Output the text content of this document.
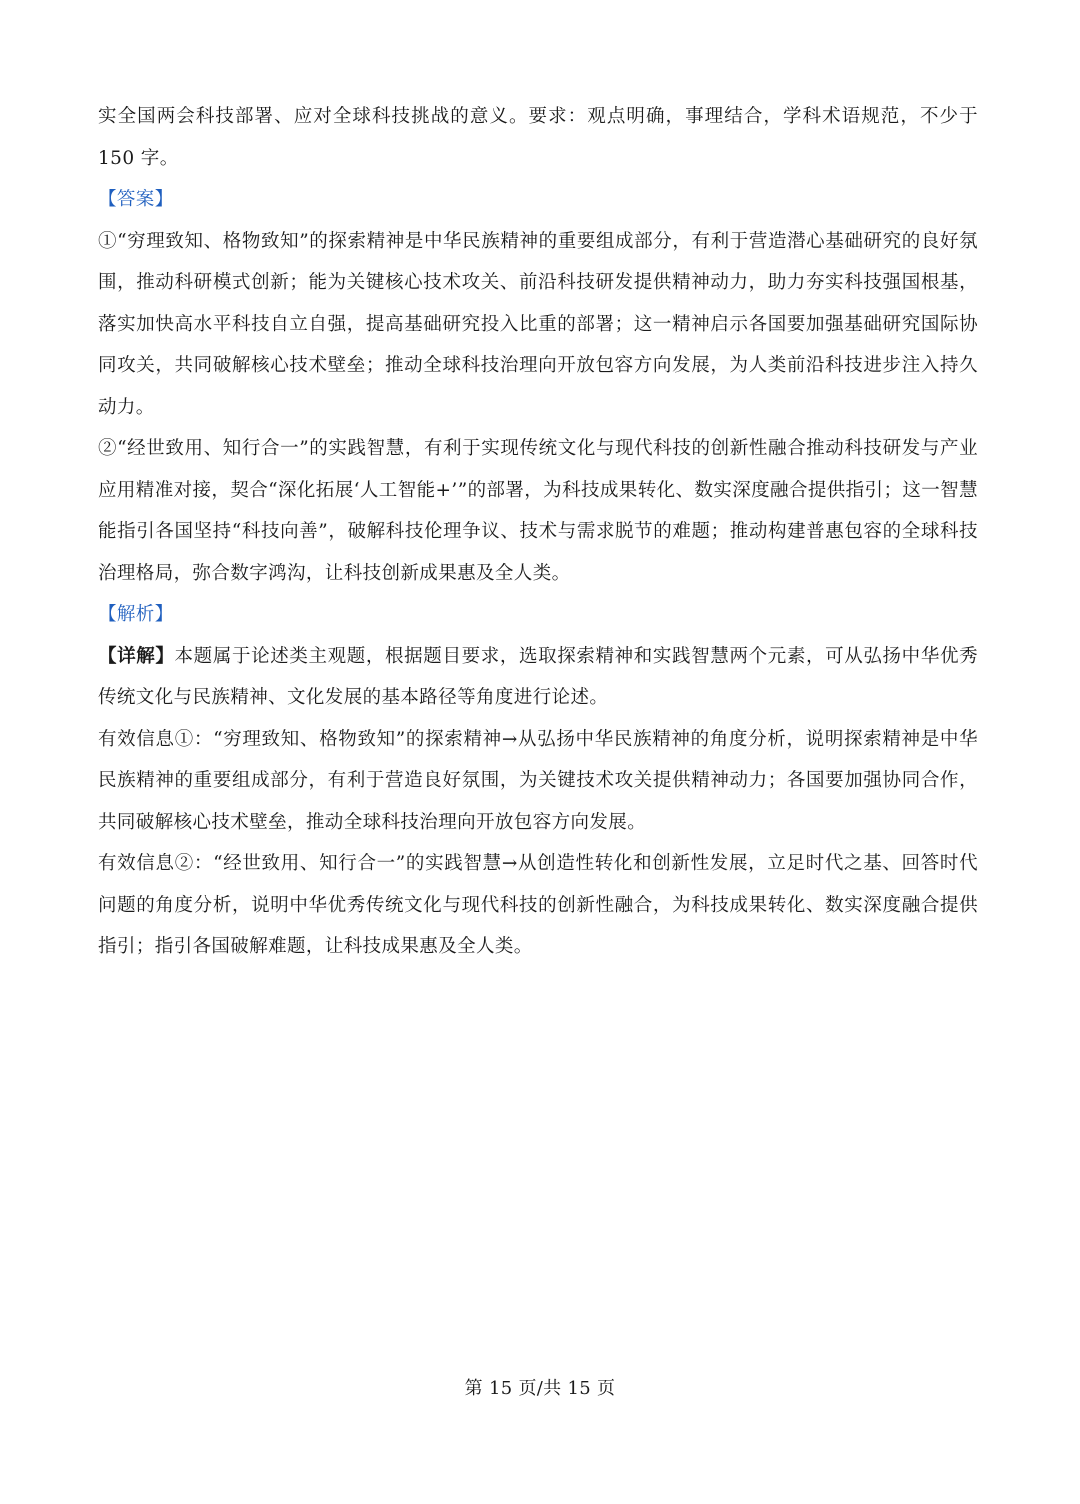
实全国两会科技部署、应对全球科技挑战的意义。要求：观点明确，事理结合，学科术语规范，不少于 150 字。

【答案】

①“穷理致知、格物致知”的探索精神是中华民族精神的重要组成部分，有利于营造潜心基础研究的良好氛围，推动科研模式创新；能为关键核心技术攻关、前沿科技研发提供精神动力，助力夯实科技强国根基，落实加快高水平科技自立自强，提高基础研究投入比重的部署；这一精神启示各国要加强基础研究国际协同攻关，共同破解核心技术壁垒；推动全球科技治理向开放包容方向发展，为人类前沿科技进步注入持久动力。

②“经世致用、知行合一”的实践智慧，有利于实现传统文化与现代科技的创新性融合推动科技研发与产业应用精准对接，契合“深化拓展‘人工智能+’”的部署，为科技成果转化、数实深度融合提供指引；这一智慧能指引各国坚持“科技向善”，破解科技伦理争议、技术与需求脱节的难题；推动构建普惠包容的全球科技治理格局，弥合数字鸿沟，让科技创新成果惠及全人类。

【解析】

【详解】本题属于论述类主观题，根据题目要求，选取探索精神和实践智慧两个元素，可从弘扬中华优秀传统文化与民族精神、文化发展的基本路径等角度进行论述。

有效信息①：“穷理致知、格物致知”的探索精神→从弘扬中华民族精神的角度分析，说明探索精神是中华民族精神的重要组成部分，有利于营造良好氛围，为关键技术攻关提供精神动力；各国要加强协同合作，共同破解核心技术壁垒，推动全球科技治理向开放包容方向发展。

有效信息②：“经世致用、知行合一”的实践智慧→从创造性转化和创新性发展，立足时代之基、回答时代问题的角度分析，说明中华优秀传统文化与现代科技的创新性融合，为科技成果转化、数实深度融合提供指引；指引各国破解难题，让科技成果惠及全人类。

第 15 页/共 15 页
